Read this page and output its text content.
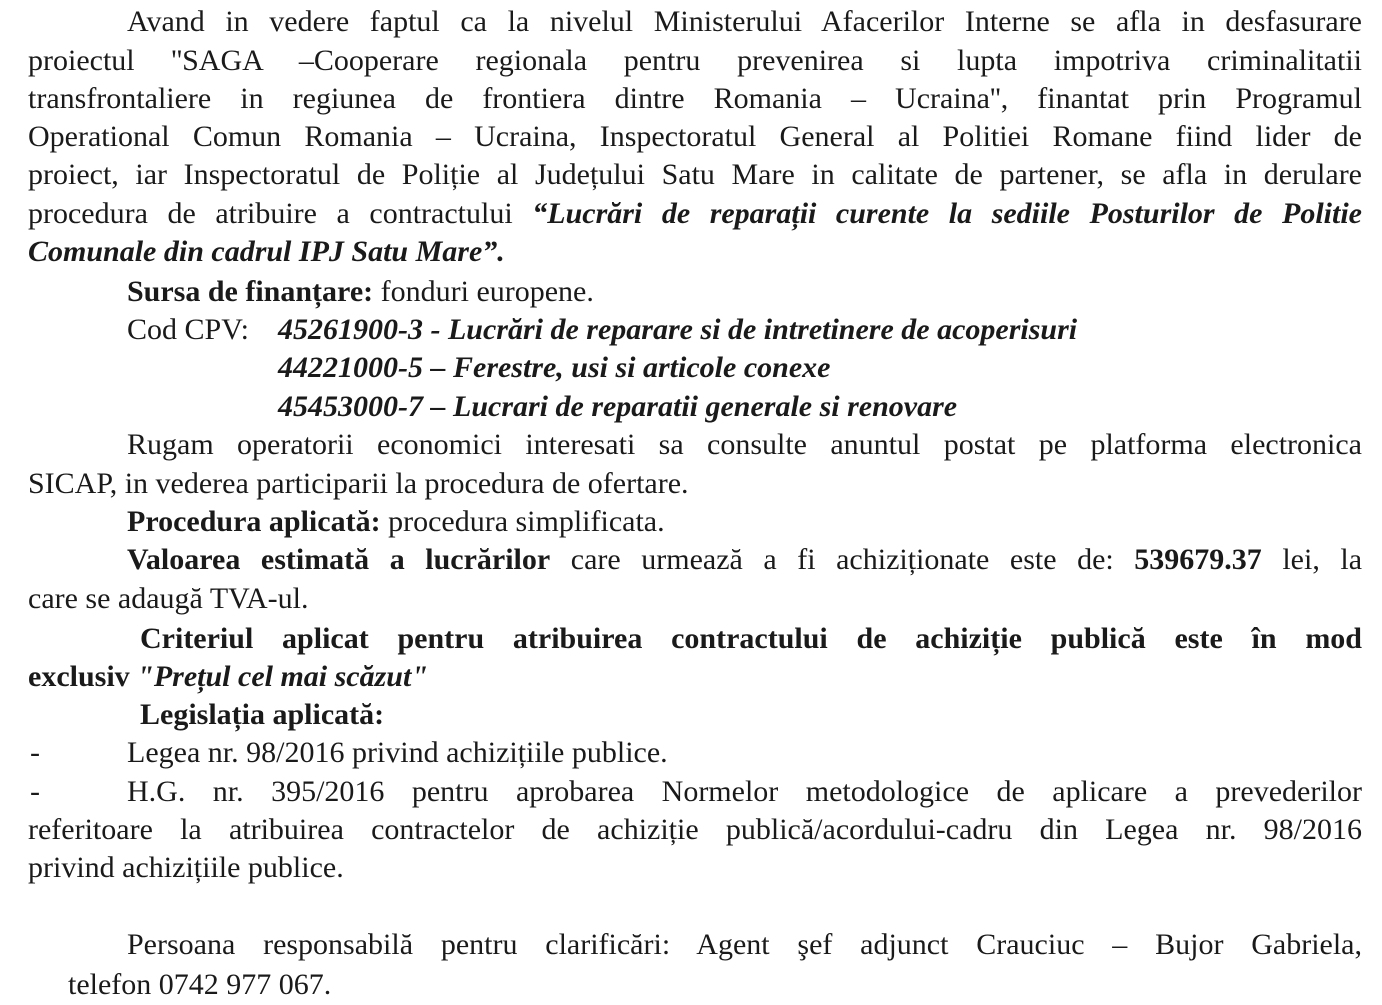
Avand in vedere faptul ca la nivelul Ministerului Afacerilor Interne se afla in desfasurare
proiectul ''SAGA –Cooperare regionala pentru prevenirea si lupta impotriva criminalitatii
transfrontaliere in regiunea de frontiera dintre Romania – Ucraina'', finantat prin Programul
Operational Comun Romania – Ucraina, Inspectoratul General al Politiei Romane fiind lider de
proiect, iar Inspectoratul de Poliție al Județului Satu Mare in calitate de partener, se afla in derulare
procedura de atribuire a contractului “Lucrări de reparații curente la sediile Posturilor de Politie
Comunale din cadrul IPJ Satu Mare”.
Sursa de finanțare: fonduri europene.
Cod CPV: 45261900-3 - Lucrări de reparare si de intretinere de acoperisuri
44221000-5 – Ferestre, usi si articole conexe
45453000-7 – Lucrari de reparatii generale si renovare
Rugam operatorii economici interesati sa consulte anuntul postat pe platforma electronica
SICAP, in vederea participarii la procedura de ofertare.
Procedura aplicată: procedura simplificata.
Valoarea estimată a lucrărilor care urmează a fi achiziționate este de: 539679.37 lei, la
care se adaugă TVA-ul.
Criteriul aplicat pentru atribuirea contractului de achiziție publică este în mod
exclusiv "Prețul cel mai scăzut"
Legislația aplicată:
-	Legea nr. 98/2016 privind achizițiile publice.
-	H.G. nr. 395/2016 pentru aprobarea Normelor metodologice de aplicare a prevederilor
referitoare la atribuirea contractelor de achiziție publică/acordului-cadru din Legea nr. 98/2016
privind achizițiile publice.
Persoana responsabilă pentru clarificări: Agent şef adjunct Crauciuc – Bujor Gabriela,
telefon 0742 977 067.
